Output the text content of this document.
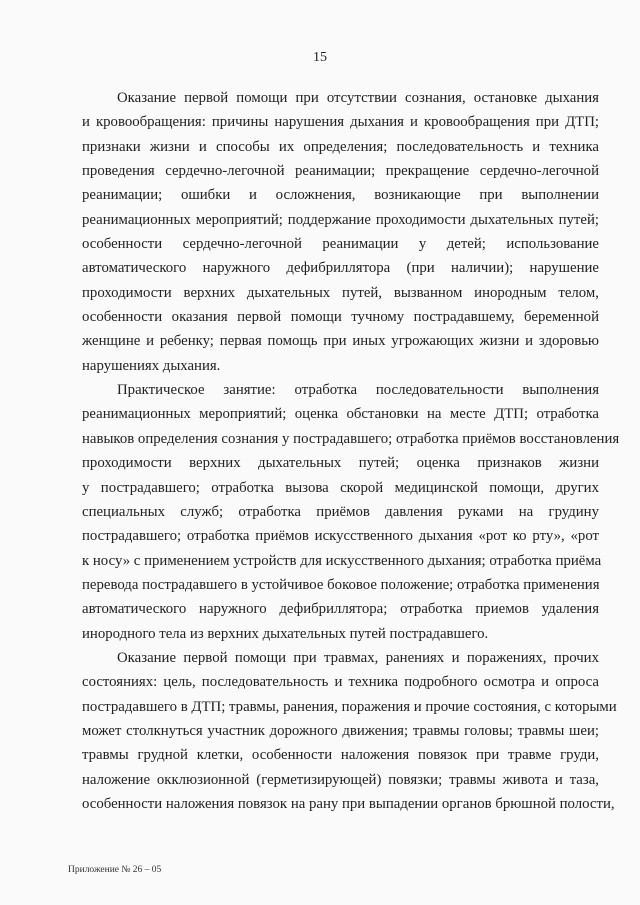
15
Оказание первой помощи при отсутствии сознания, остановке дыхания
и кровообращения: причины нарушения дыхания и кровообращения при ДТП;
признаки жизни и способы их определения; последовательность и техника
проведения сердечно-легочной реанимации; прекращение сердечно-легочной
реанимации; ошибки и осложнения, возникающие при выполнении
реанимационных мероприятий; поддержание проходимости дыхательных путей;
особенности сердечно-легочной реанимации у детей; использование
автоматического наружного дефибриллятора (при наличии); нарушение
проходимости верхних дыхательных путей, вызванном инородным телом,
особенности оказания первой помощи тучному пострадавшему, беременной
женщине и ребенку; первая помощь при иных угрожающих жизни и здоровью
нарушениях дыхания.
Практическое занятие: отработка последовательности выполнения
реанимационных мероприятий; оценка обстановки на месте ДТП; отработка
навыков определения сознания у пострадавшего; отработка приёмов восстановления
проходимости верхних дыхательных путей; оценка признаков жизни
у пострадавшего; отработка вызова скорой медицинской помощи, других
специальных служб; отработка приёмов давления руками на грудину
пострадавшего; отработка приёмов искусственного дыхания «рот ко рту», «рот
к носу» с применением устройств для искусственного дыхания; отработка приёма
перевода пострадавшего в устойчивое боковое положение; отработка применения
автоматического наружного дефибриллятора; отработка приемов удаления
инородного тела из верхних дыхательных путей пострадавшего.
Оказание первой помощи при травмах, ранениях и поражениях, прочих
состояниях: цель, последовательность и техника подробного осмотра и опроса
пострадавшего в ДТП; травмы, ранения, поражения и прочие состояния, с которыми
может столкнуться участник дорожного движения; травмы головы; травмы шеи;
травмы грудной клетки, особенности наложения повязок при травме груди,
наложение окклюзионной (герметизирующей) повязки; травмы живота и таза,
особенности наложения повязок на рану при выпадении органов брюшной полости,
Приложение № 26 – 05
